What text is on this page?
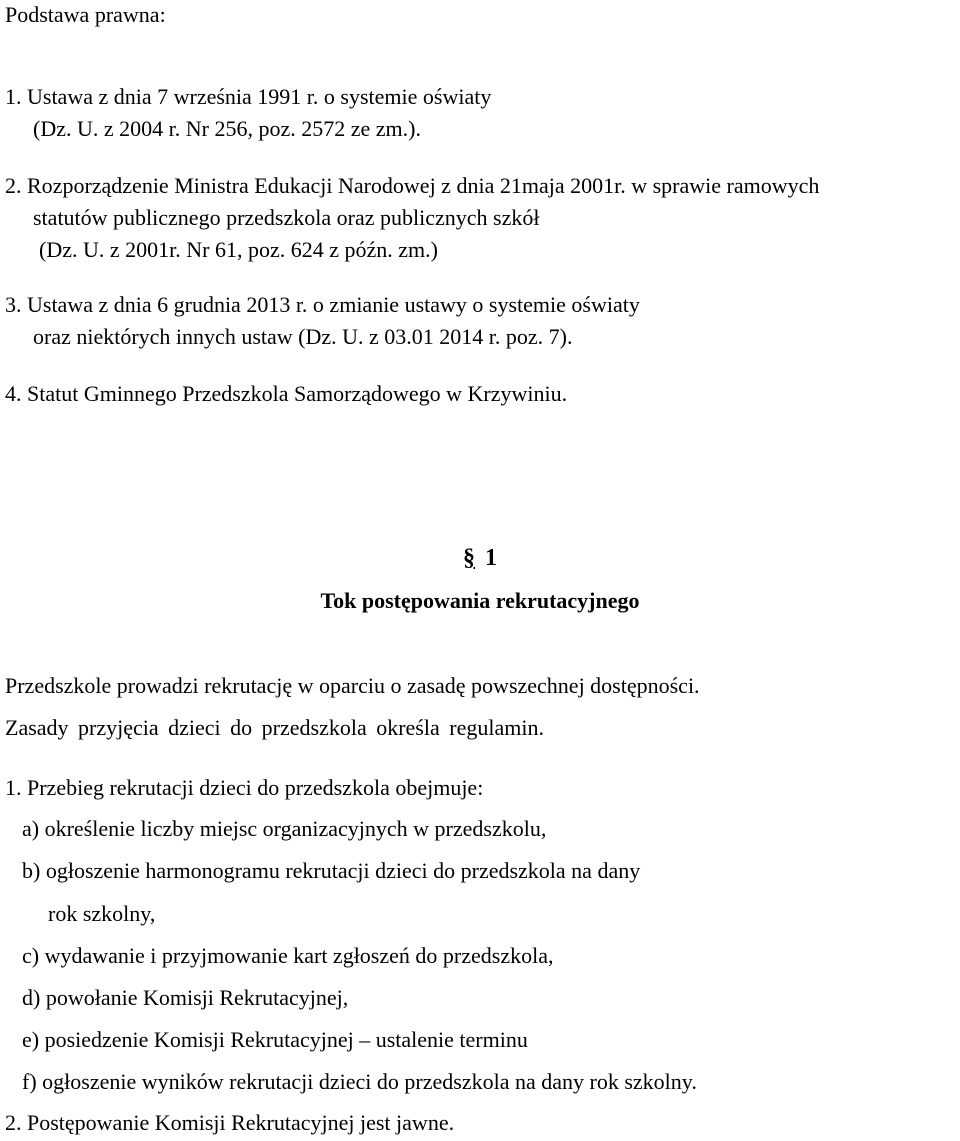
Podstawa prawna:
1. Ustawa z dnia 7 września 1991 r. o systemie oświaty
(Dz. U. z 2004 r. Nr 256, poz. 2572 ze zm.).
2. Rozporządzenie Ministra Edukacji Narodowej z dnia 21maja 2001r. w sprawie ramowych
statutów publicznego przedszkola oraz publicznych szkół
(Dz. U. z 2001r. Nr 61, poz. 624 z późn. zm.)
3. Ustawa z dnia 6 grudnia 2013 r. o zmianie ustawy o systemie oświaty
oraz niektórych innych ustaw (Dz. U. z 03.01 2014 r. poz. 7).
4. Statut Gminnego Przedszkola Samorządowego w Krzywiniu.
§ 1
Tok postępowania rekrutacyjnego
Przedszkole prowadzi rekrutację w oparciu o zasadę powszechnej dostępności.
Zasady przyjęcia dzieci do przedszkola określa regulamin.
1. Przebieg rekrutacji dzieci do przedszkola obejmuje:
a) określenie liczby miejsc organizacyjnych w przedszkolu,
b) ogłoszenie harmonogramu rekrutacji dzieci do przedszkola na dany
rok szkolny,
c) wydawanie i przyjmowanie kart zgłoszeń do przedszkola,
d) powołanie Komisji Rekrutacyjnej,
e) posiedzenie Komisji Rekrutacyjnej – ustalenie terminu
f) ogłoszenie wyników rekrutacji dzieci do przedszkola na dany rok szkolny.
2. Postępowanie Komisji Rekrutacyjnej jest jawne.
